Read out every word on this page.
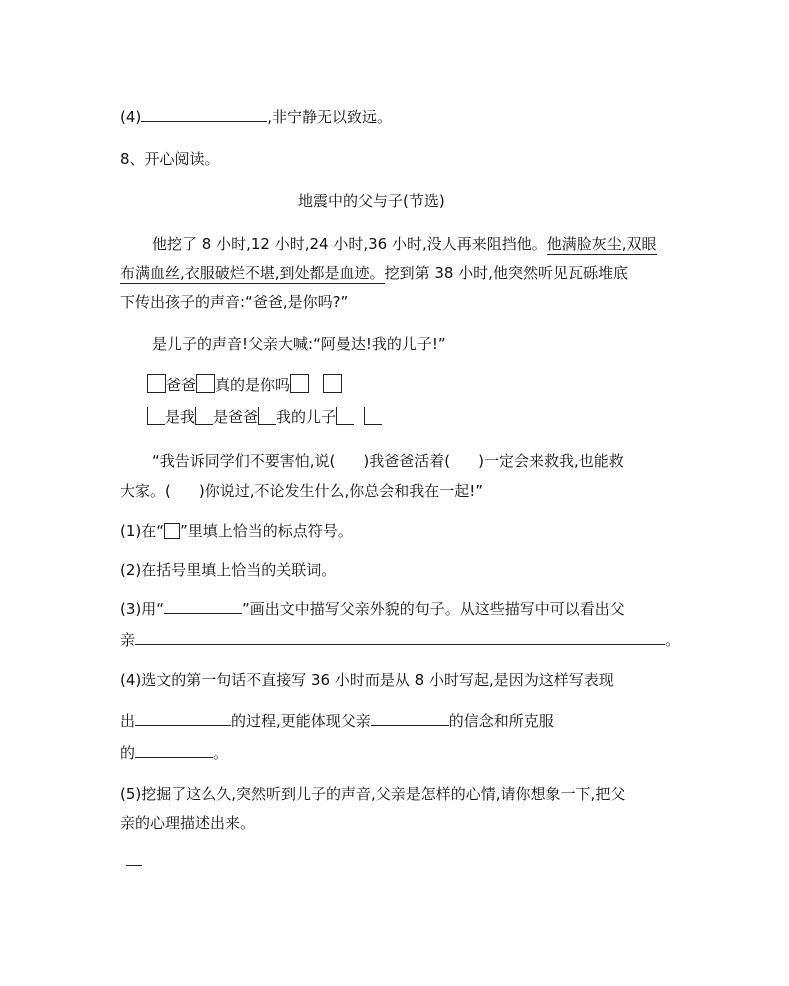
(4)	,非宁静无以致远。
8、开心阅读。
地震中的父与子(节选)
他挖了 8 小时,12 小时,24 小时,36 小时,没人再来阻挡他。他满脸灰尘,双眼
布满血丝,衣服破烂不堪,到处都是血迹。挖到第 38 小时,他突然听见瓦砾堆底
下传出孩子的声音:“爸爸,是你吗?”
是儿子的声音!父亲大喊:“阿曼达!我的儿子!”
爸爸 真的是你吗
是我 是爸爸 我的儿子
“我告诉同学们不要害怕,说( )我爸爸活着( )一定会来救我,也能救
大家。( )你说过,不论发生什么,你总会和我在一起!”
(1)在“ ”里填上恰当的标点符号。
(2)在括号里填上恰当的关联词。
(3)用“	”画出文中描写父亲外貌的句子。从这些描写中可以看出父
亲	。
(4)选文的第一句话不直接写 36 小时而是从 8 小时写起,是因为这样写表现
出	的过程,更能体现父亲	的信念和所克服
的	。
(5)挖掘了这么久,突然听到儿子的声音,父亲是怎样的心情,请你想象一下,把父
亲的心理描述出来。
